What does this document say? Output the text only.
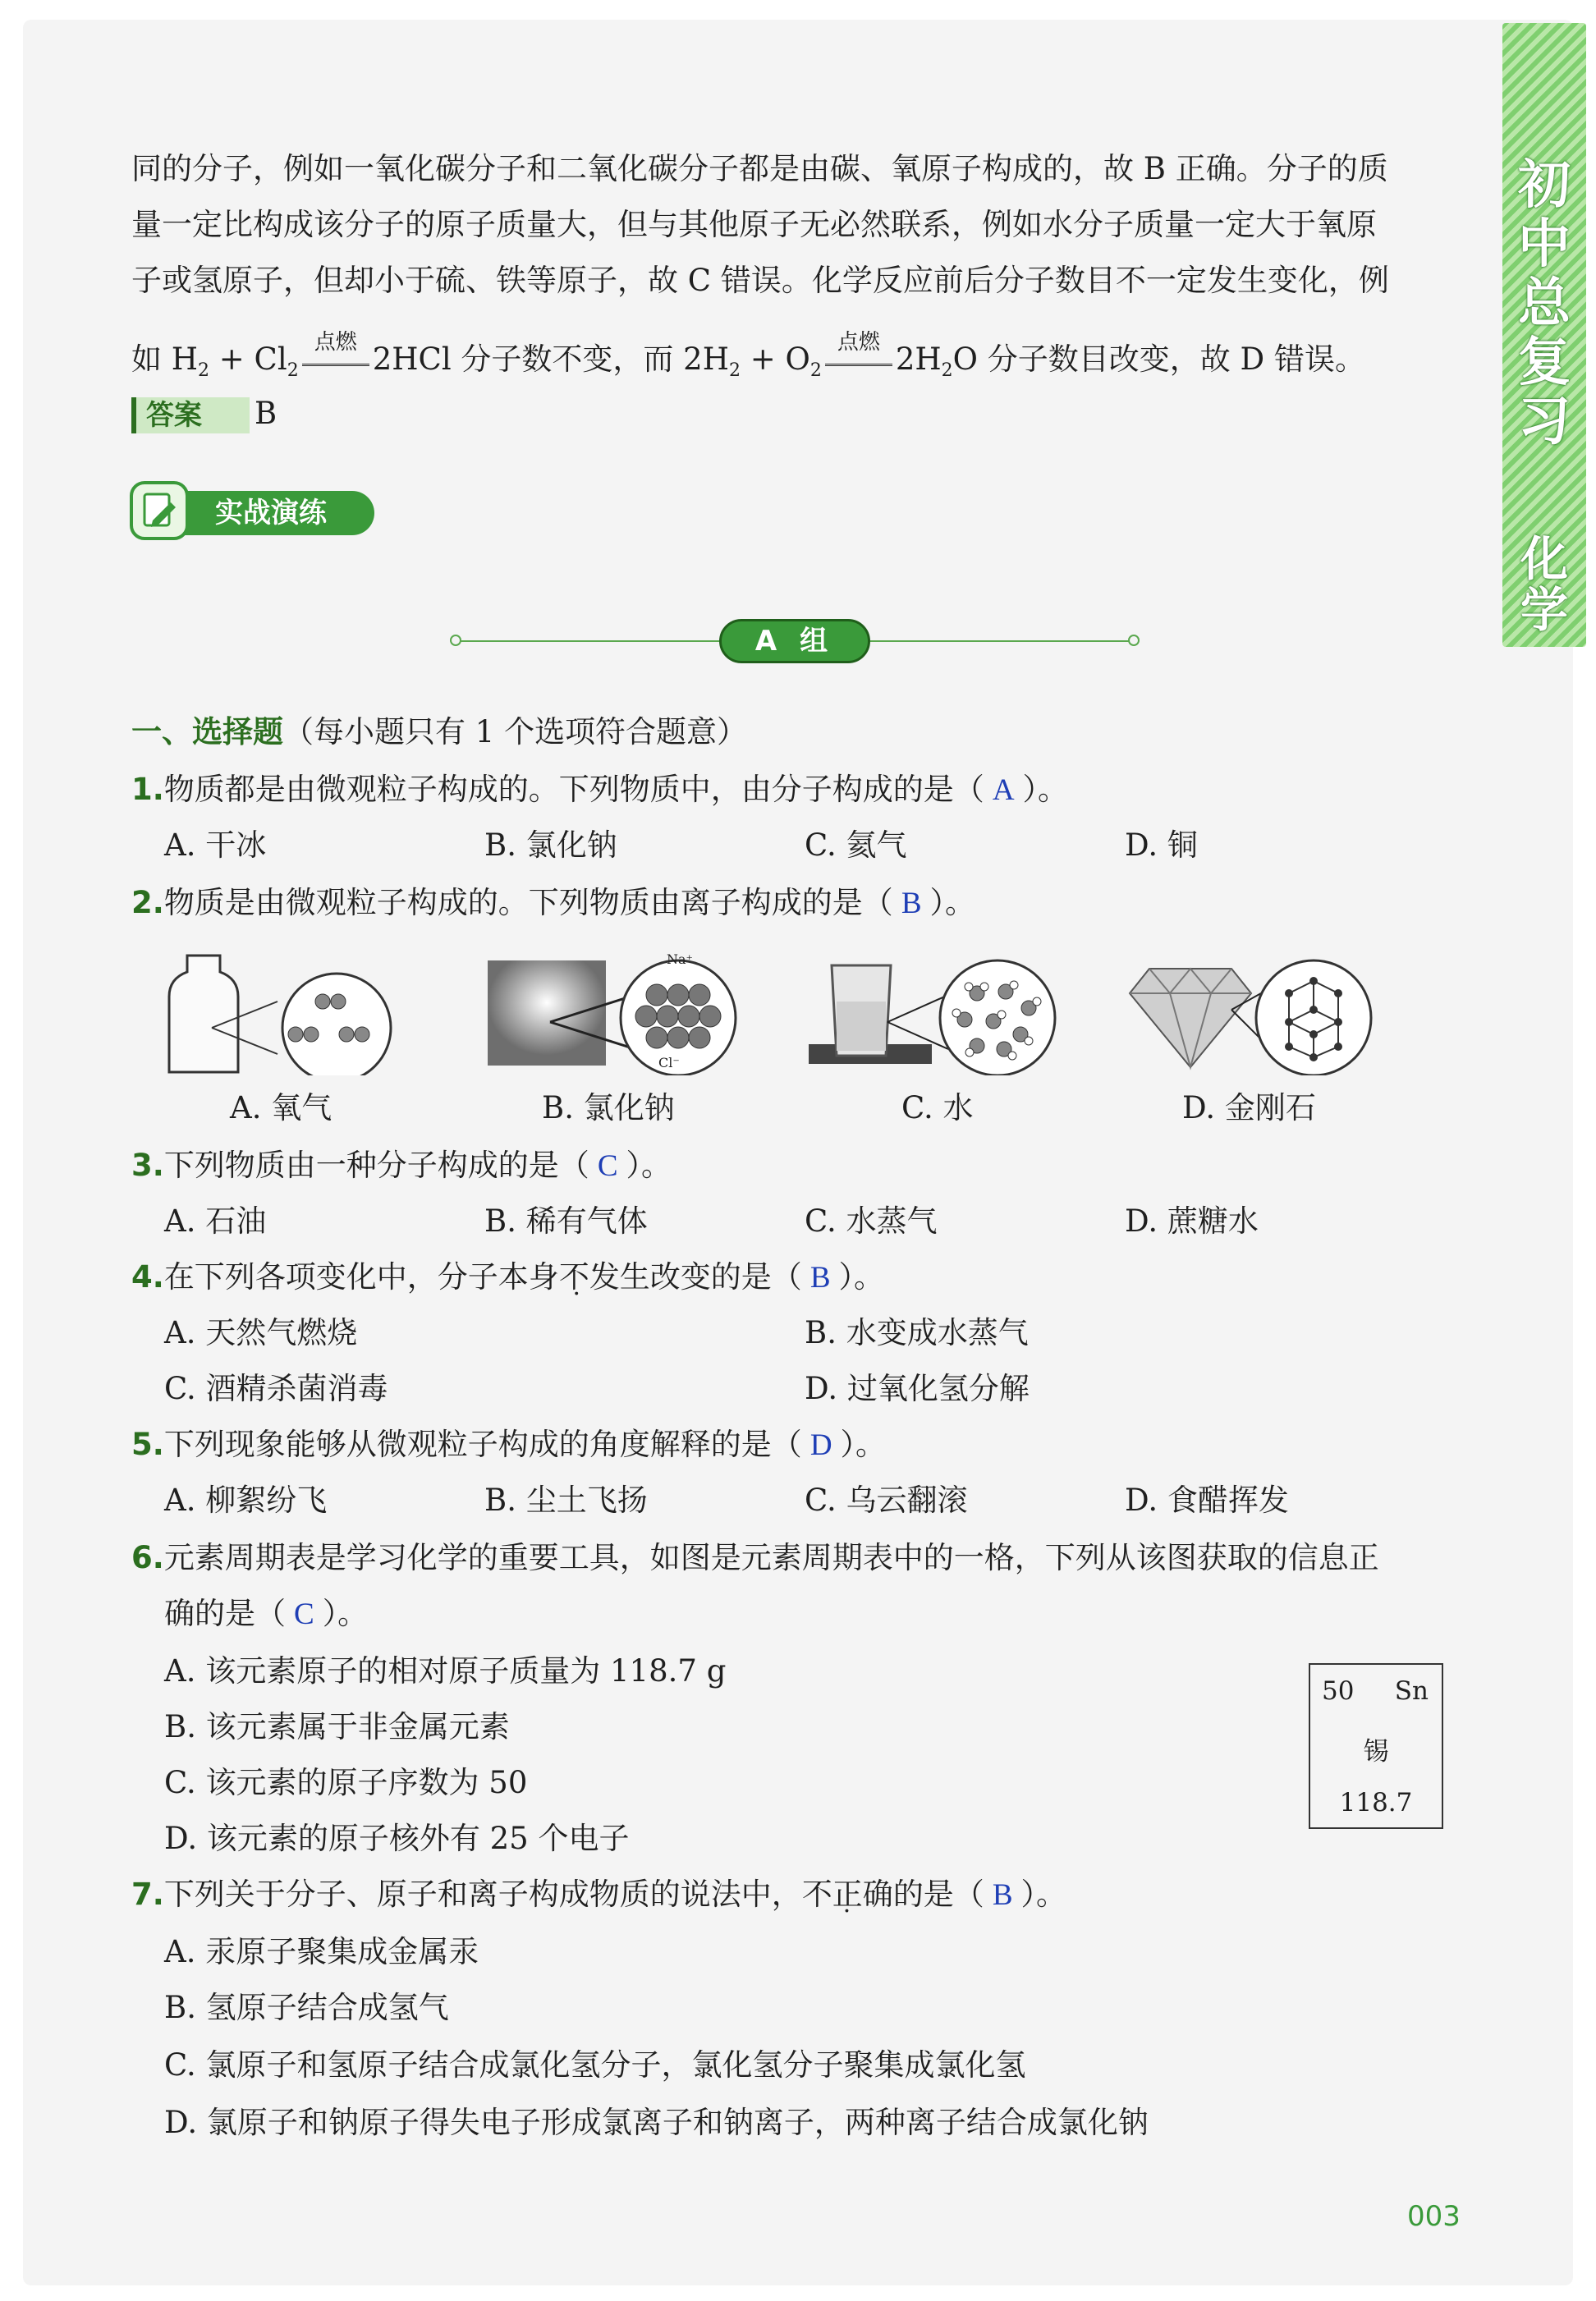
初
中
总
复
习
化
学
同的分子，例如一氧化碳分子和二氧化碳分子都是由碳、氧原子构成的，故 B 正确。分子的质
量一定比构成该分子的原子质量大，但与其他原子无必然联系，例如水分子质量一定大于氧原
子或氢原子，但却小于硫、铁等原子，故 C 错误。化学反应前后分子数目不一定发生变化，例
如 $H_2 + Cl_2$
点燃 2HCl 分子数不变，而 $2H_2 + O_2$
点燃 $2H_2O$ 分子数目改变，故 D 错误。
答案	B
实战演练
A 组
一、选择题（每小题只有 1 个选项符合题意）
1.物质都是由微观粒子构成的。下列物质中，由分子构成的是（ A ）。
A. 干冰	B. 氯化钠	C. 氦气	D. 铜
2.物质是由微观粒子构成的。下列物质由离子构成的是（ B ）。
A. 氧气
Na⁺
Cl⁻
B. 氯化钠	C. 水	D. 金刚石
3.下列物质由一种分子构成的是（ C ）。
A. 石油	B. 稀有气体	C. 水蒸气	D. 蔗糖水
4.在下列各项变化中，分子本身不发生改变的是（ B ）。
A. 天然气燃烧	B. 水变成水蒸气
C. 酒精杀菌消毒	D. 过氧化氢分解
5.下列现象能够从微观粒子构成的角度解释的是（ D ）。
A. 柳絮纷飞	B. 尘土飞扬	C. 乌云翻滚	D. 食醋挥发
6.元素周期表是学习化学的重要工具，如图是元素周期表中的一格，下列从该图获取的信息正
确的是（ C ）。
A. 该元素原子的相对原子质量为 118.7 g
B. 该元素属于非金属元素
C. 该元素的原子序数为 50
D. 该元素的原子核外有 25 个电子
50 Sn
锡
118.7
7.下列关于分子、原子和离子构成物质的说法中，不正确的是（ B ）。
A. 汞原子聚集成金属汞
B. 氢原子结合成氢气
C. 氯原子和氢原子结合成氯化氢分子，氯化氢分子聚集成氯化氢
D. 氯原子和钠原子得失电子形成氯离子和钠离子，两种离子结合成氯化钠
003
